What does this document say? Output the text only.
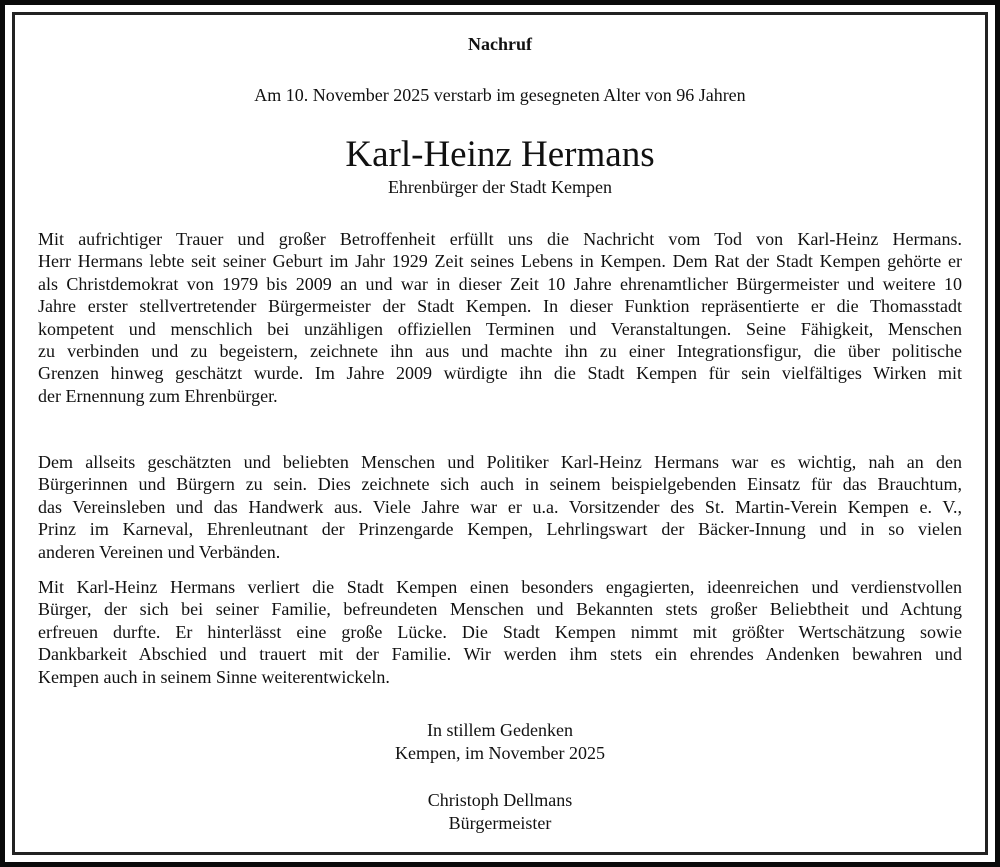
Nachruf
Am 10. November 2025 verstarb im gesegneten Alter von 96 Jahren
Karl-Heinz Hermans
Ehrenbürger der Stadt Kempen
Mit aufrichtiger Trauer und großer Betroffenheit erfüllt uns die Nachricht vom Tod von Karl-Heinz Hermans.
Herr Hermans lebte seit seiner Geburt im Jahr 1929 Zeit seines Lebens in Kempen. Dem Rat der Stadt Kempen gehörte er
als Christdemokrat von 1979 bis 2009 an und war in dieser Zeit 10 Jahre ehrenamtlicher Bürgermeister und weitere 10
Jahre erster stellvertretender Bürgermeister der Stadt Kempen. In dieser Funktion repräsentierte er die Thomasstadt
kompetent und menschlich bei unzähligen offiziellen Terminen und Veranstaltungen. Seine Fähigkeit, Menschen
zu verbinden und zu begeistern, zeichnete ihn aus und machte ihn zu einer Integrationsfigur, die über politische
Grenzen hinweg geschätzt wurde. Im Jahre 2009 würdigte ihn die Stadt Kempen für sein vielfältiges Wirken mit
der Ernennung zum Ehrenbürger.
Dem allseits geschätzten und beliebten Menschen und Politiker Karl-Heinz Hermans war es wichtig, nah an den
Bürgerinnen und Bürgern zu sein. Dies zeichnete sich auch in seinem beispielgebenden Einsatz für das Brauchtum,
das Vereinsleben und das Handwerk aus. Viele Jahre war er u.a. Vorsitzender des St. Martin-Verein Kempen e. V.,
Prinz im Karneval, Ehrenleutnant der Prinzengarde Kempen, Lehrlingswart der Bäcker-Innung und in so vielen
anderen Vereinen und Verbänden.
Mit Karl-Heinz Hermans verliert die Stadt Kempen einen besonders engagierten, ideenreichen und verdienstvollen
Bürger, der sich bei seiner Familie, befreundeten Menschen und Bekannten stets großer Beliebtheit und Achtung
erfreuen durfte. Er hinterlässt eine große Lücke. Die Stadt Kempen nimmt mit größter Wertschätzung sowie
Dankbarkeit Abschied und trauert mit der Familie. Wir werden ihm stets ein ehrendes Andenken bewahren und
Kempen auch in seinem Sinne weiterentwickeln.
In stillem Gedenken
Kempen, im November 2025
Christoph Dellmans
Bürgermeister
